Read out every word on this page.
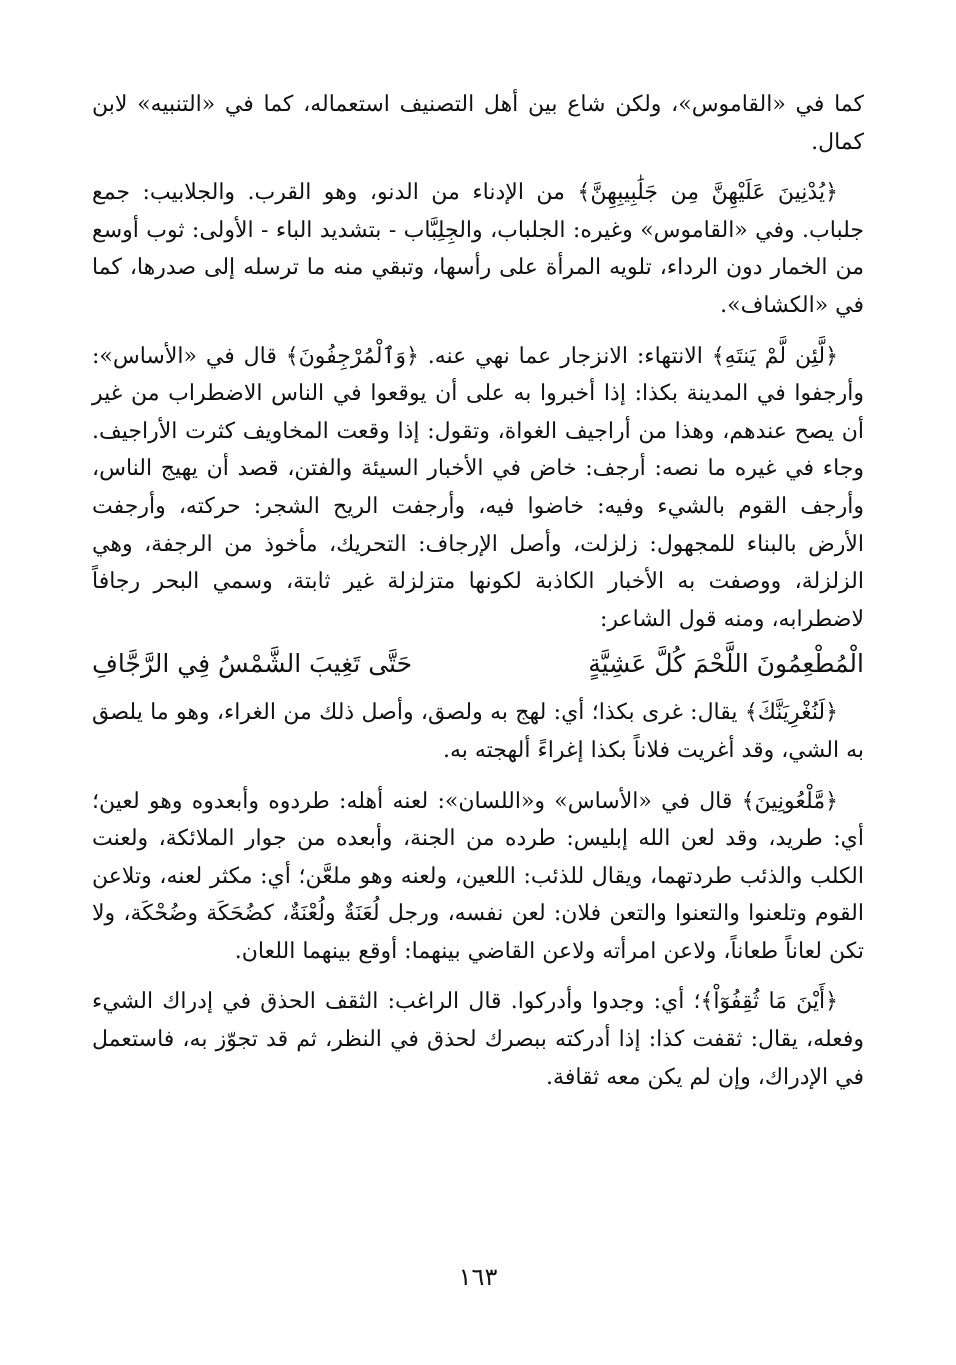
كما في «القاموس»، ولكن شاع بين أهل التصنيف استعماله، كما في «التنبيه» لابن كمال.

﴿يُدْنِينَ عَلَيْهِنَّ مِن جَلَٰبِيبِهِنَّ﴾ من الإدناء من الدنو، وهو القرب. والجلابيب: جمع جلباب. وفي «القاموس» وغيره: الجلباب، والجِلِبَّاب - بتشديد الباء - الأولى: ثوب أوسع من الخمار دون الرداء، تلويه المرأة على رأسها، وتبقي منه ما ترسله إلى صدرها، كما في «الكشاف».

﴿لَّئِن لَّمْ يَنتَهِ﴾ الانتهاء: الانزجار عما نهي عنه. ﴿وَٱلْمُرْجِفُونَ﴾ قال في «الأساس»: وأرجفوا في المدينة بكذا: إذا أخبروا به على أن يوقعوا في الناس الاضطراب من غير أن يصح عندهم، وهذا من أراجيف الغواة، وتقول: إذا وقعت المخاويف كثرت الأراجيف. وجاء في غيره ما نصه: أرجف: خاض في الأخبار السيئة والفتن، قصد أن يهيج الناس، وأرجف القوم بالشيء وفيه: خاضوا فيه، وأرجفت الريح الشجر: حركته، وأرجفت الأرض بالبناء للمجهول: زلزلت، وأصل الإرجاف: التحريك، مأخوذ من الرجفة، وهي الزلزلة، ووصفت به الأخبار الكاذبة لكونها متزلزلة غير ثابتة، وسمي البحر رجافاً لاضطرابه، ومنه قول الشاعر:

الْمُطْعِمُونَ اللَّحْمَ كُلَّ عَشِيَّةٍ
حَتَّى تَغِيبَ الشَّمْسُ فِي الرَّجَّافِ

﴿لَنُغْرِيَنَّكَ﴾ يقال: غرى بكذا؛ أي: لهج به ولصق، وأصل ذلك من الغراء، وهو ما يلصق به الشي، وقد أغريت فلاناً بكذا إغراءً ألهجته به.

﴿مَّلْعُونِينَ﴾ قال في «الأساس» و«اللسان»: لعنه أهله: طردوه وأبعدوه وهو لعين؛ أي: طريد، وقد لعن الله إبليس: طرده من الجنة، وأبعده من جوار الملائكة، ولعنت الكلب والذئب طردتهما، ويقال للذئب: اللعين، ولعنه وهو ملعَّن؛ أي: مكثر لعنه، وتلاعن القوم وتلعنوا والتعنوا والتعن فلان: لعن نفسه، ورجل لُعَنَةٌ ولُعْنَةٌ، كضُحَكَة وضُحْكَة، ولا تكن لعاناً طعاناً، ولاعن امرأته ولاعن القاضي بينهما: أوقع بينهما اللعان.

﴿أَيْنَ مَا ثُقِفُوٓاْ﴾؛ أي: وجدوا وأدركوا. قال الراغب: الثقف الحذق في إدراك الشيء وفعله، يقال: ثقفت كذا: إذا أدركته ببصرك لحذق في النظر، ثم قد تجوّز به، فاستعمل في الإدراك، وإن لم يكن معه ثقافة.

١٦٣
